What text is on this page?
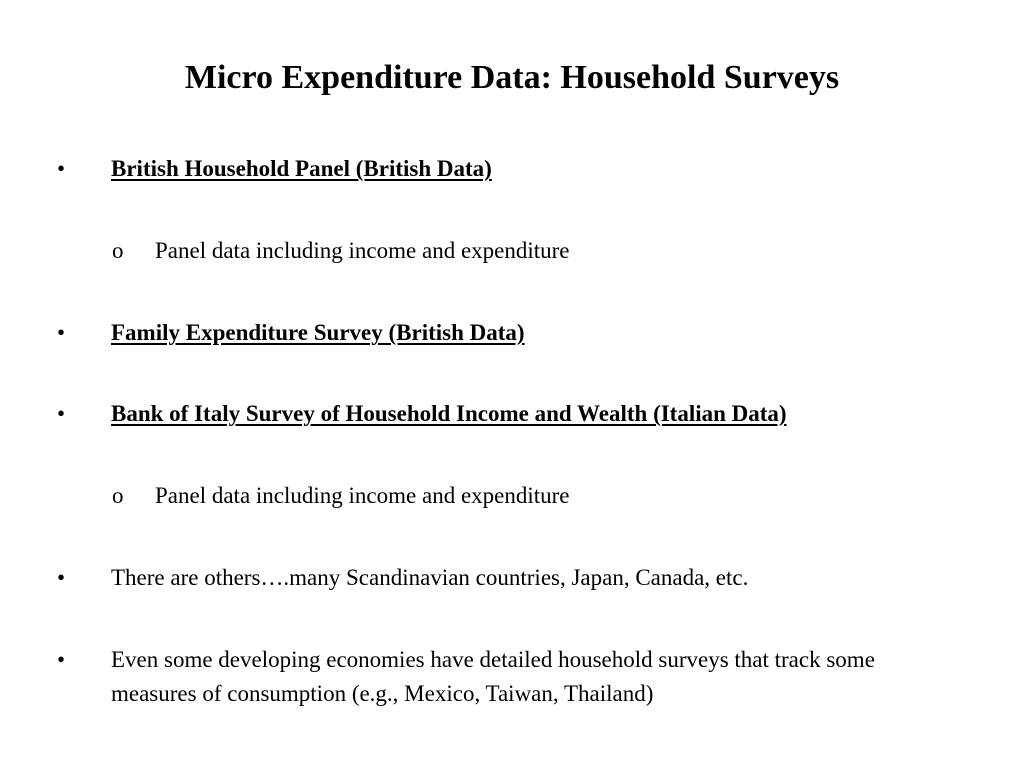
Micro Expenditure Data: Household Surveys
• British Household Panel (British Data)
o Panel data including income and expenditure
• Family Expenditure Survey (British Data)
• Bank of Italy Survey of Household Income and Wealth (Italian Data)
o Panel data including income and expenditure
• There are others….many Scandinavian countries, Japan, Canada, etc.
• Even some developing economies have detailed household surveys that track some measures of consumption (e.g., Mexico, Taiwan, Thailand)
